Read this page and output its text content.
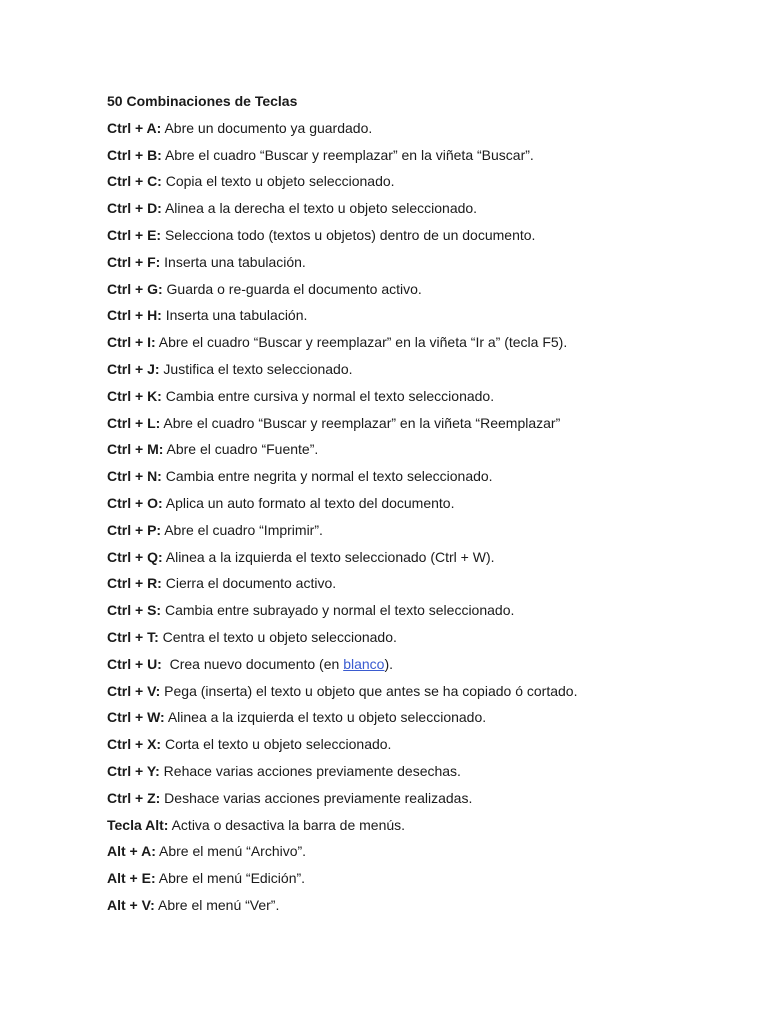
50 Combinaciones de Teclas

Ctrl + A: Abre un documento ya guardado.
Ctrl + B: Abre el cuadro “Buscar y reemplazar” en la viñeta “Buscar”.
Ctrl + C: Copia el texto u objeto seleccionado.
Ctrl + D: Alinea a la derecha el texto u objeto seleccionado.
Ctrl + E: Selecciona todo (textos u objetos) dentro de un documento.
Ctrl + F: Inserta una tabulación.
Ctrl + G: Guarda o re-guarda el documento activo.
Ctrl + H: Inserta una tabulación.
Ctrl + I: Abre el cuadro “Buscar y reemplazar” en la viñeta “Ir a” (tecla F5).
Ctrl + J: Justifica el texto seleccionado.
Ctrl + K: Cambia entre cursiva y normal el texto seleccionado.
Ctrl + L: Abre el cuadro “Buscar y reemplazar” en la viñeta “Reemplazar”
Ctrl + M: Abre el cuadro “Fuente”.
Ctrl + N: Cambia entre negrita y normal el texto seleccionado.
Ctrl + O: Aplica un auto formato al texto del documento.
Ctrl + P: Abre el cuadro “Imprimir”.
Ctrl + Q: Alinea a la izquierda el texto seleccionado (Ctrl + W).
Ctrl + R: Cierra el documento activo.
Ctrl + S: Cambia entre subrayado y normal el texto seleccionado.
Ctrl + T: Centra el texto u objeto seleccionado.
Ctrl + U:  Crea nuevo documento (en blanco).
Ctrl + V: Pega (inserta) el texto u objeto que antes se ha copiado ó cortado.
Ctrl + W: Alinea a la izquierda el texto u objeto seleccionado.
Ctrl + X: Corta el texto u objeto seleccionado.
Ctrl + Y: Rehace varias acciones previamente desechas.
Ctrl + Z: Deshace varias acciones previamente realizadas.
Tecla Alt: Activa o desactiva la barra de menús.
Alt + A: Abre el menú “Archivo”.
Alt + E: Abre el menú “Edición”.
Alt + V: Abre el menú “Ver”.
